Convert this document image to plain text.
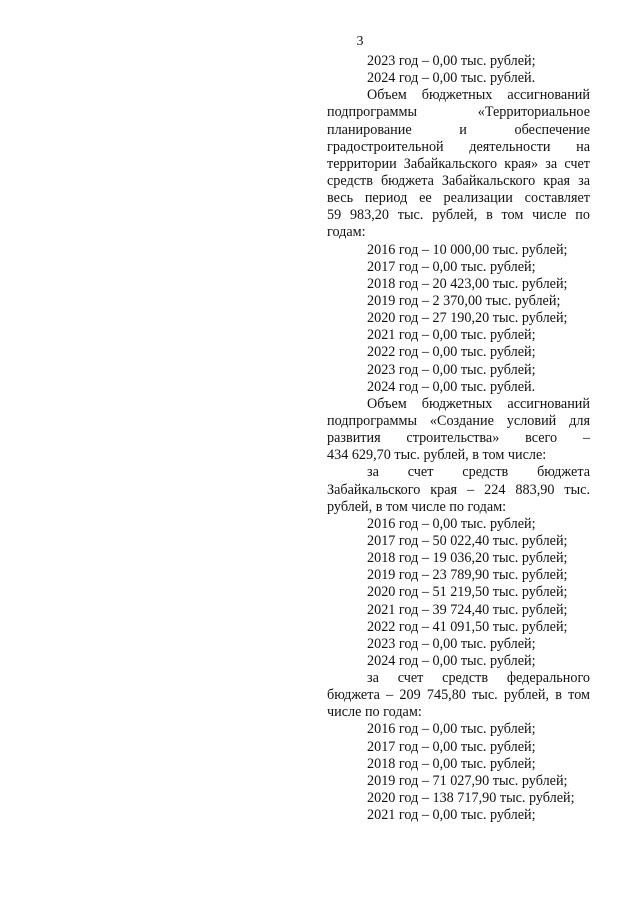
3
2023 год – 0,00 тыс. рублей;
2024 год – 0,00 тыс. рублей.
Объем бюджетных ассигнований
подпрограммы «Территориальное
планирование и обеспечение
градостроительной деятельности на
территории Забайкальского края» за счет
средств бюджета Забайкальского края за
весь период ее реализации составляет
59 983,20 тыс. рублей, в том числе по
годам:
2016 год – 10 000,00 тыс. рублей;
2017 год – 0,00 тыс. рублей;
2018 год – 20 423,00 тыс. рублей;
2019 год – 2 370,00 тыс. рублей;
2020 год – 27 190,20 тыс. рублей;
2021 год – 0,00 тыс. рублей;
2022 год – 0,00 тыс. рублей;
2023 год – 0,00 тыс. рублей;
2024 год – 0,00 тыс. рублей.
Объем бюджетных ассигнований
подпрограммы «Создание условий для
развития строительства» всего –
434 629,70 тыс. рублей, в том числе:
за счет средств бюджета
Забайкальского края – 224 883,90 тыс.
рублей, в том числе по годам:
2016 год – 0,00 тыс. рублей;
2017 год – 50 022,40 тыс. рублей;
2018 год – 19 036,20 тыс. рублей;
2019 год – 23 789,90 тыс. рублей;
2020 год – 51 219,50 тыс. рублей;
2021 год – 39 724,40 тыс. рублей;
2022 год – 41 091,50 тыс. рублей;
2023 год – 0,00 тыс. рублей;
2024 год – 0,00 тыс. рублей;
за счет средств федерального
бюджета – 209 745,80 тыс. рублей, в том
числе по годам:
2016 год – 0,00 тыс. рублей;
2017 год – 0,00 тыс. рублей;
2018 год – 0,00 тыс. рублей;
2019 год – 71 027,90 тыс. рублей;
2020 год – 138 717,90 тыс. рублей;
2021 год – 0,00 тыс. рублей;
